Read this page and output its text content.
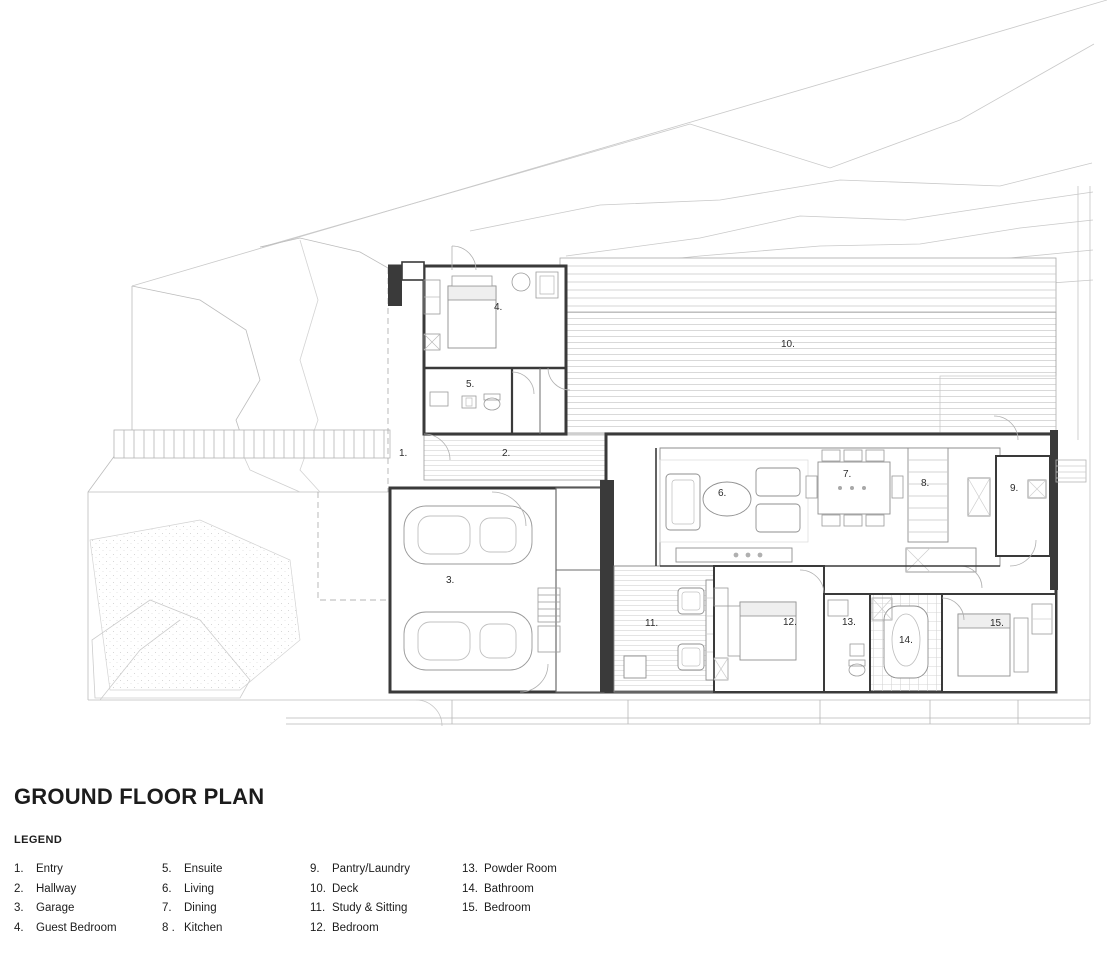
1.	2.
3.
4.
5.
6.
7.
8.	9.
10.
11.	12.	13.
14.
15.
GROUND FLOOR PLAN
LEGEND
1.	Entry
2.	Hallway
3.	Garage
4.	Guest Bedroom
5.	Ensuite
6.	Living
7.	Dining
8 . Kitchen
9.	Pantry/Laundry
10. Deck
11. Study & Sitting
12. Bedroom
13. Powder Room
14. Bathroom
15. Bedroom
